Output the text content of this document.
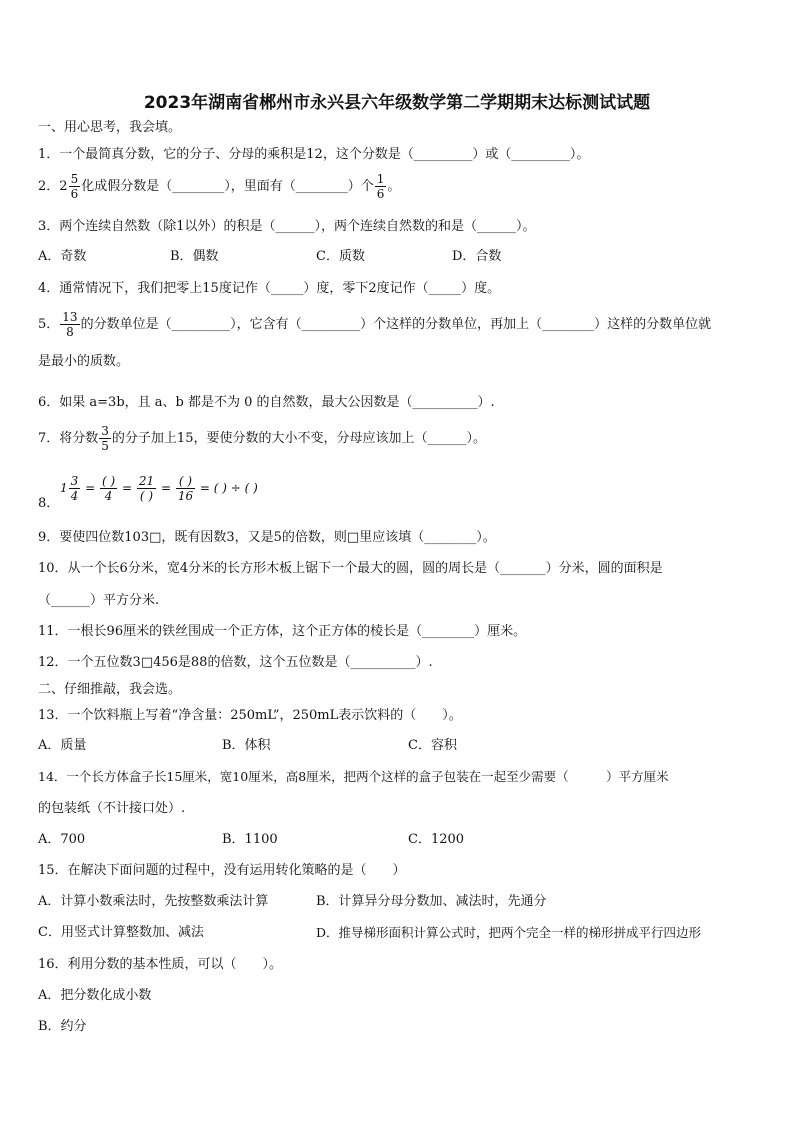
2023年湖南省郴州市永兴县六年级数学第二学期期末达标测试试题
一、用心思考，我会填。
1．一个最简真分数，它的分子、分母的乘积是12，这个分数是（_________）或（_________）。
2．$2 \frac{5}{6}$ 化成假分数是（________），里面有（________）个 $\frac{1}{6}$ 。
3．两个连续自然数（除1以外）的积是（______），两个连续自然数的和是（______）。
A．奇数	B．偶数	C．质数	D．合数
4．通常情况下，我们把零上15度记作（_____）度，零下2度记作（_____）度。
5． $\frac{13}{8}$ 的分数单位是（_________），它含有（_________）个这样的分数单位，再加上（________）这样的分数单位就
是最小的质数。
6．如果 a=3b，且 a、b 都是不为 0 的自然数，最大公因数是（__________）.
7．将分数 $\frac{3}{5}$ 的分子加上15，要使分数的大小不变，分母应该加上（______）。
8．
$1 \frac{3}{4} = \frac{( )}{4} = \frac{21}{( )} = \frac{( )}{16}$ = ( ) ÷ ( )
9．要使四位数103□，既有因数3，又是5的倍数，则□里应该填（________）。
10．从一个长6分米，宽4分米的长方形木板上锯下一个最大的圆，圆的周长是（_______）分米，圆的面积是
（______）平方分米.
11．一根长96厘米的铁丝围成一个正方体，这个正方体的棱长是（________）厘米。
12．一个五位数3□456是88的倍数，这个五位数是（__________）.
二、仔细推敲，我会选。
13．一个饮料瓶上写着“净含量：250mL”，250mL表示饮料的（　　）。
A．质量	B．体积	C．容积
14．一个长方体盒子长15厘米，宽10厘米，高8厘米，把两个这样的盒子包装在一起至少需要（　　　）平方厘米
的包装纸（不计接口处）.
A．700	B．1100	C．1200
15．在解决下面问题的过程中，没有运用转化策略的是（　　）
A．计算小数乘法时，先按整数乘法计算	B．计算异分母分数加、减法时，先通分
C．用竖式计算整数加、减法	D．推导梯形面积计算公式时，把两个完全一样的梯形拼成平行四边形
16．利用分数的基本性质，可以（　　）。
A．把分数化成小数
B．约分
